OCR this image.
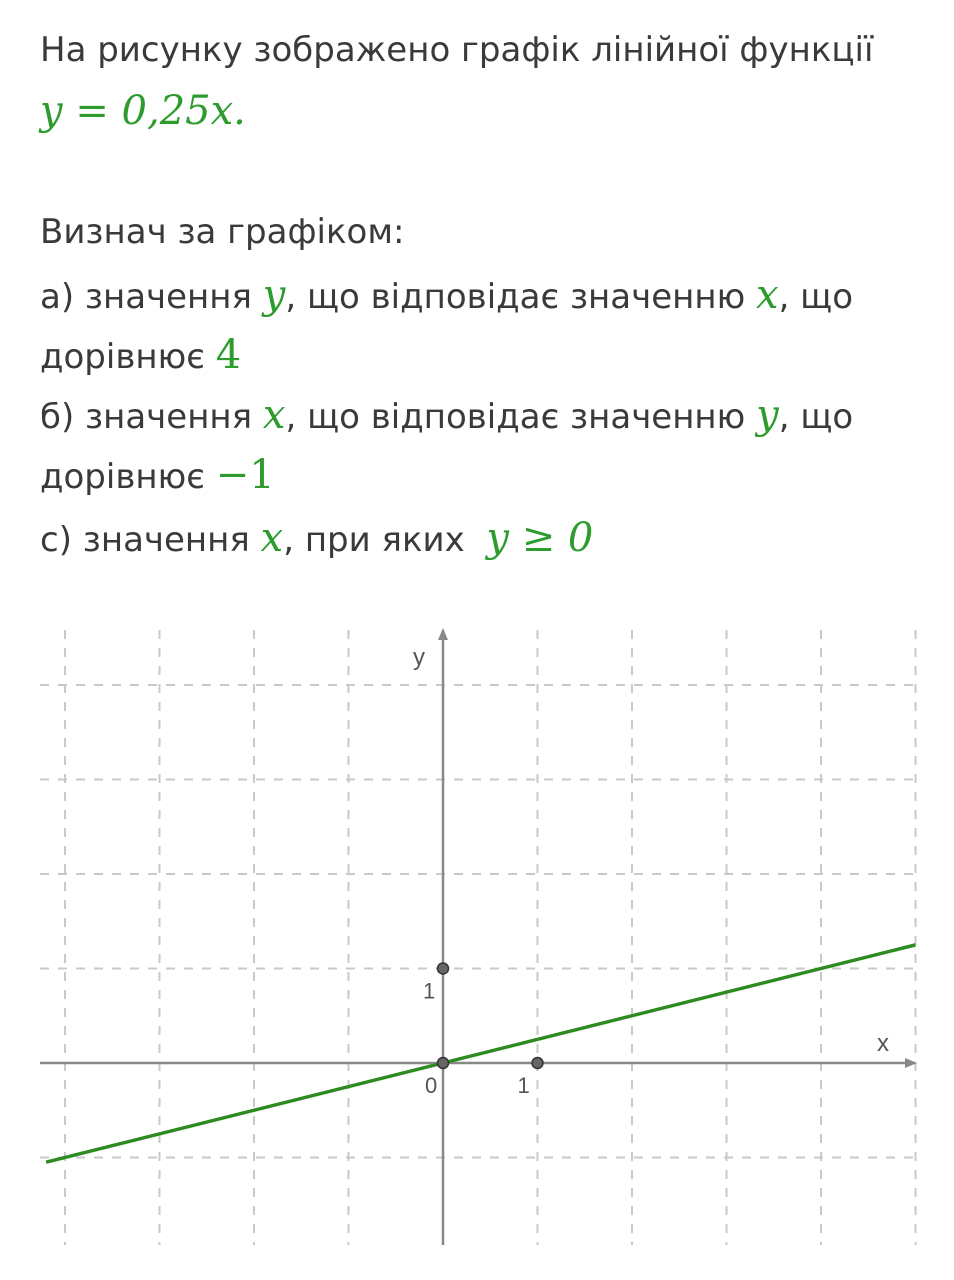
На рисунку зображено графік лінійної функції
y = 0,25x.
Визнач за графіком:
а) значення y, що відповідає значенню x, що
дорівнює 4
б) значення x, що відповідає значенню y, що
дорівнює −1
с) значення x, при яких y ≥ 0
x
y
0	1
1
